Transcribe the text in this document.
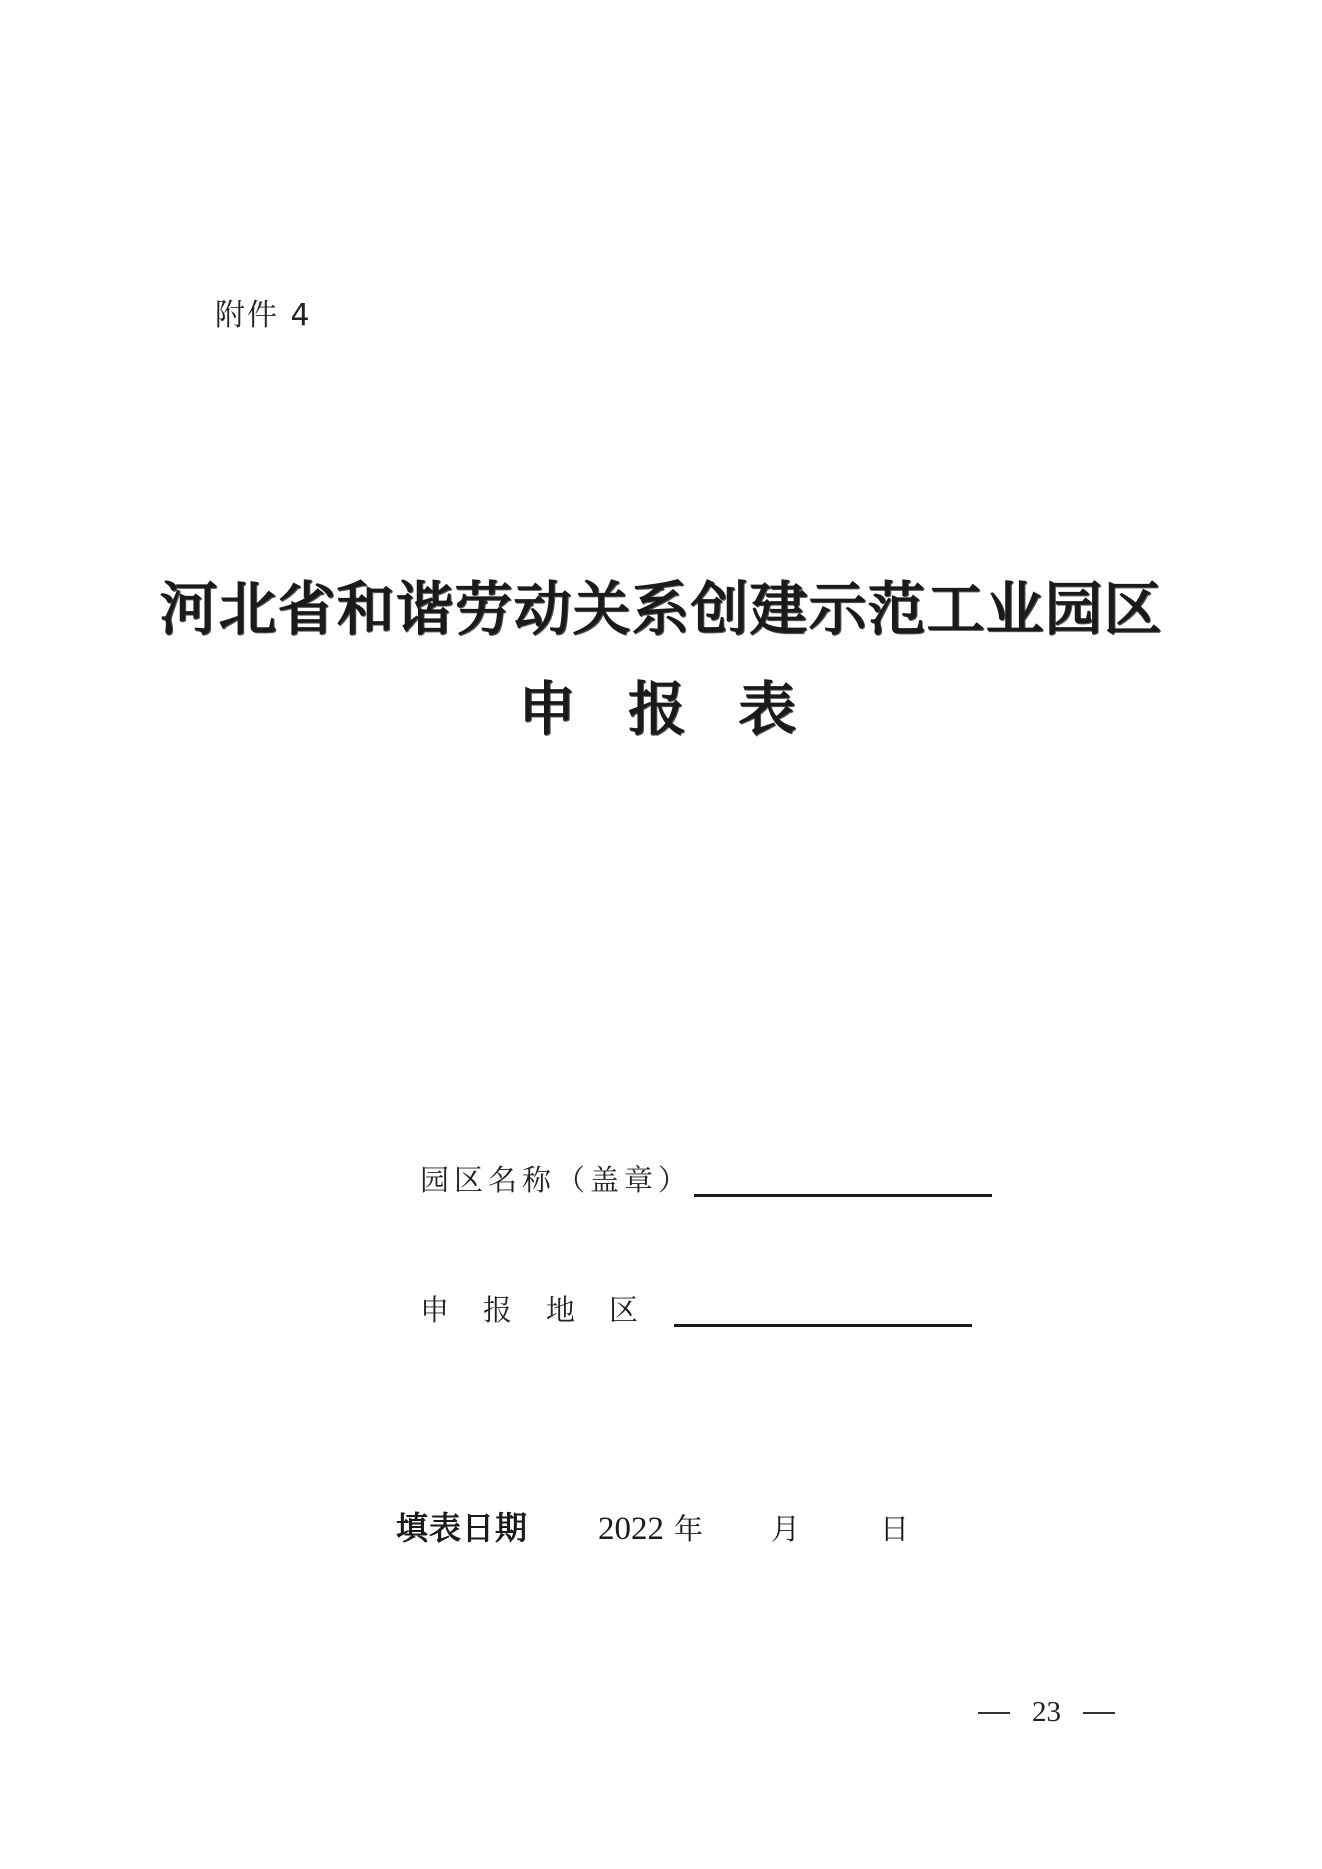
附件 4
河北省和谐劳动关系创建示范工业园区
申报表
园区名称（盖章）
申报地区
填表日期 2022 年 月	日
23
